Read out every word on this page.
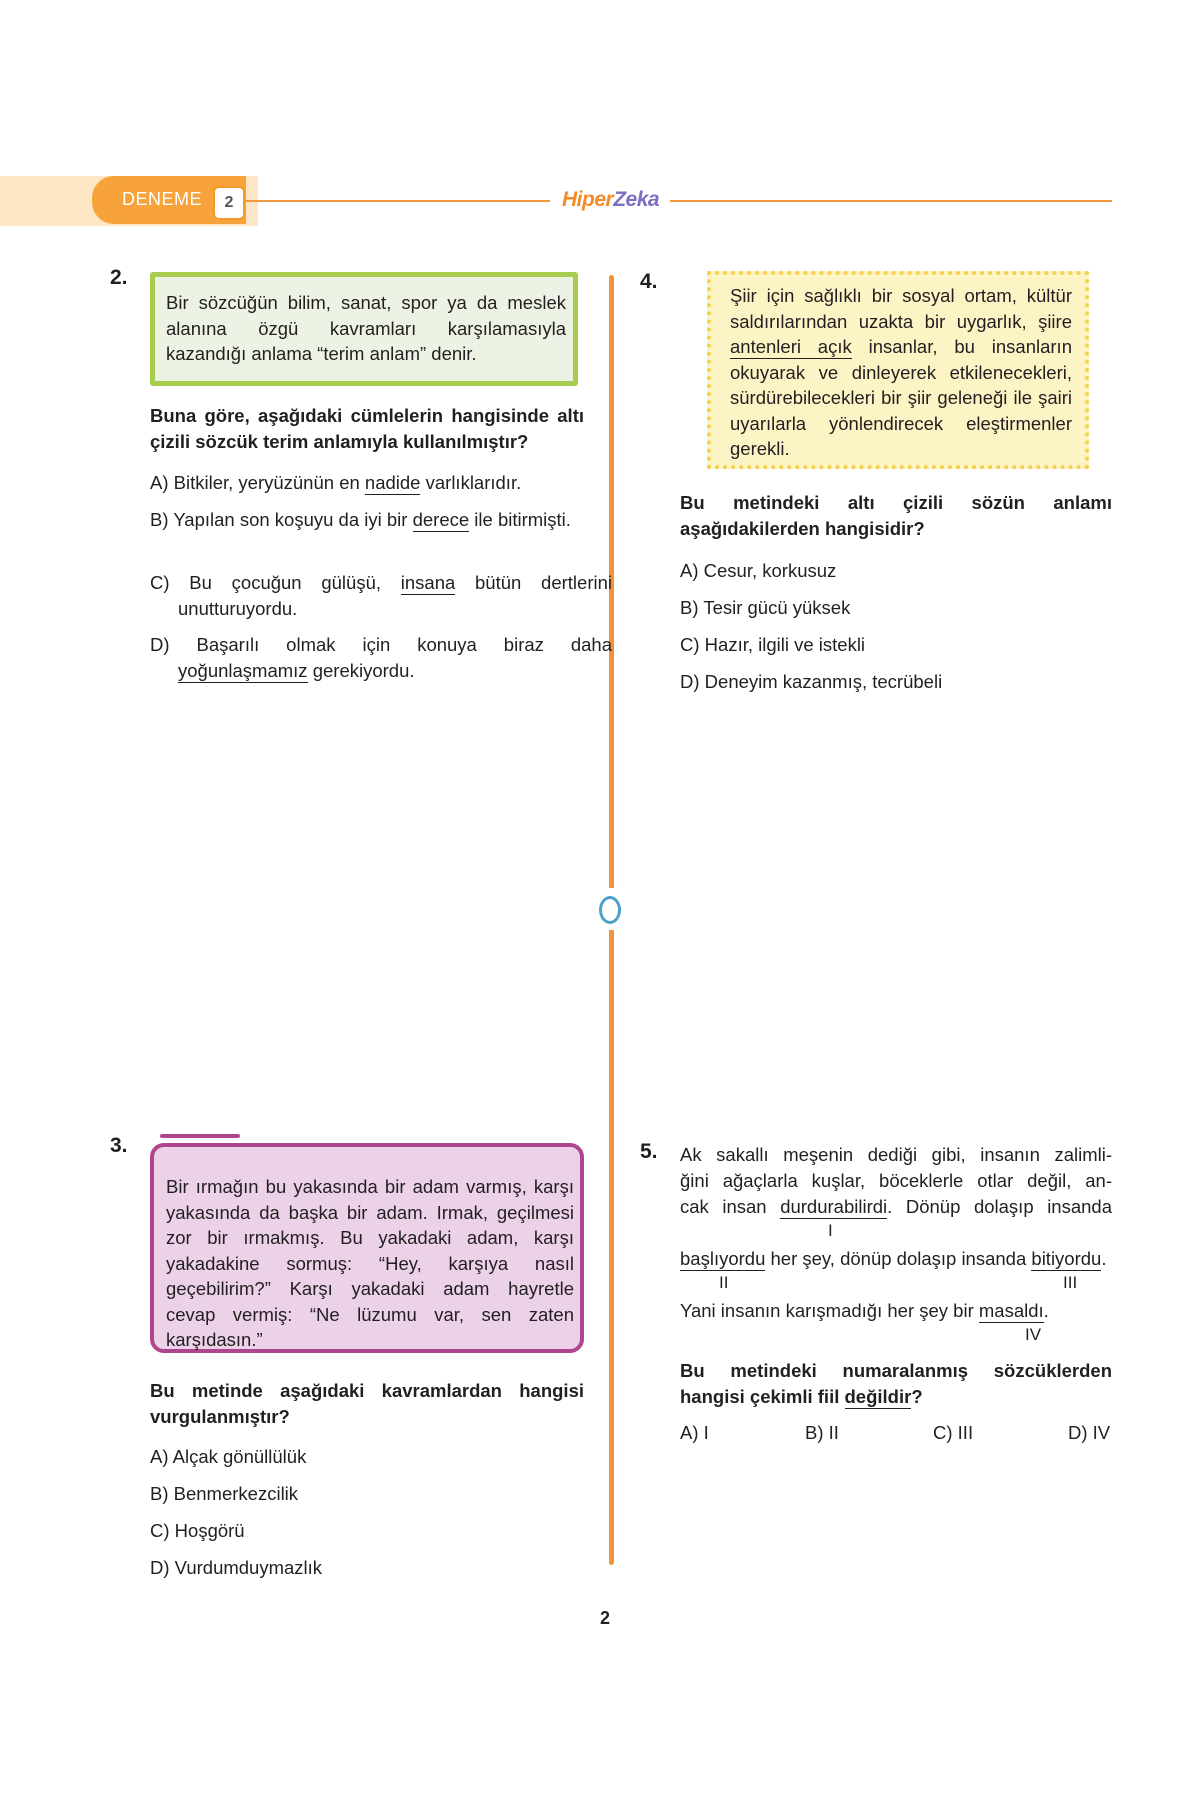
DENEME	2	HiperZeka
2.
Bir sözcüğün bilim, sanat, spor ya da meslek alanına özgü kavramları karşılamasıyla kazandığı anlama “terim anlam” denir.
Buna göre, aşağıdaki cümlelerin hangisinde altı çizili sözcük terim anlamıyla kullanılmıştır?
A) Bitkiler, yeryüzünün en nadide varlıklarıdır.
B) Yapılan son koşuyu da iyi bir derece ile bitirmişti.
C) Bu çocuğun gülüşü, insana bütün dertlerini unutturuyordu.
D) Başarılı olmak için konuya biraz daha yoğunlaşmamız gerekiyordu.
4.
Şiir için sağlıklı bir sosyal ortam, kültür saldırılarından uzakta bir uygarlık, şiire antenleri açık insanlar, bu insanların okuyarak ve dinleyerek etkilenecekleri, sürdürebilecekleri bir şiir geleneği ile şairi uyarılarla yönlendirecek eleştirmenler gerekli.
Bu metindeki altı çizili sözün anlamı aşağıdakilerden hangisidir?
A) Cesur, korkusuz
B) Tesir gücü yüksek
C) Hazır, ilgili ve istekli
D) Deneyim kazanmış, tecrübeli
3.
Bir ırmağın bu yakasında bir adam varmış, karşı yakasında da başka bir adam. Irmak, geçilmesi zor bir ırmakmış. Bu yakadaki adam, karşı yakadakine sormuş: “Hey, karşıya nasıl geçebilirim?” Karşı yakadaki adam hayretle cevap vermiş: “Ne lüzumu var, sen zaten karşıdasın.”
Bu metinde aşağıdaki kavramlardan hangisi vurgulanmıştır?
A) Alçak gönüllülük
B) Benmerkezcilik
C) Hoşgörü
D) Vurdumduymazlık
5. Ak sakallı meşenin dediği gibi, insanın zalimli-
ğini ağaçlarla kuşlar, böceklerle otlar değil, an-
cak insan durdurabilirdi. Dönüp dolaşıp insanda
I
başlıyordu her şey, dönüp dolaşıp insanda bitiyordu.
II	III
Yani insanın karışmadığı her şey bir masaldı.
IV
Bu metindeki numaralanmış sözcüklerden hangisi çekimli fiil değildir?
A) I	B) II	C) III	D) IV
2
